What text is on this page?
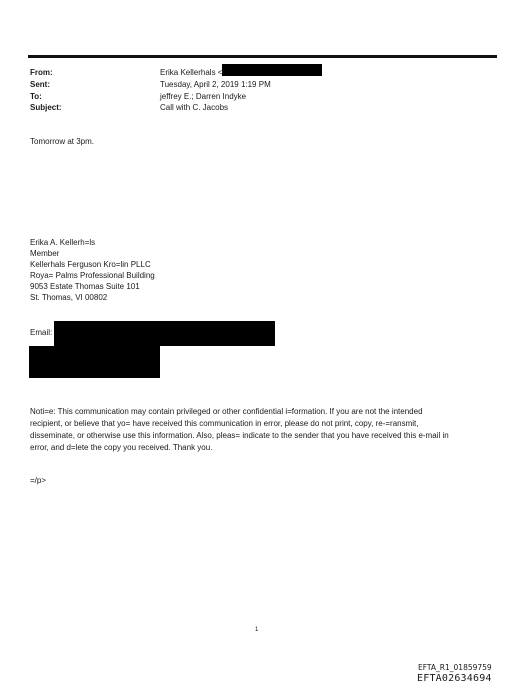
From:	Erika Kellerhals <
Sent:	Tuesday, April 2, 2019 1:19 PM
To:	jeffrey E.; Darren Indyke
Subject:	Call with C. Jacobs
Tomorrow at 3pm.
Erika A. Kellerh=ls
Member
Kellerhals Ferguson Kro=lin PLLC
Roya= Palms Professional Building
9053 Estate Thomas Suite 101
St. Thomas, VI 00802
Email:
Noti=e: This communication may contain privileged or other confidential i=formation. If you are not the intended
recipient, or believe that yo= have received this communication in error, please do not print, copy, re-=ransmit,
disseminate, or otherwise use this information. Also, pleas= indicate to the sender that you have received this e-mail in
error, and d=lete the copy you received. Thank you.
=/p>
1
EFTA_R1_01859759
EFTA02634694
